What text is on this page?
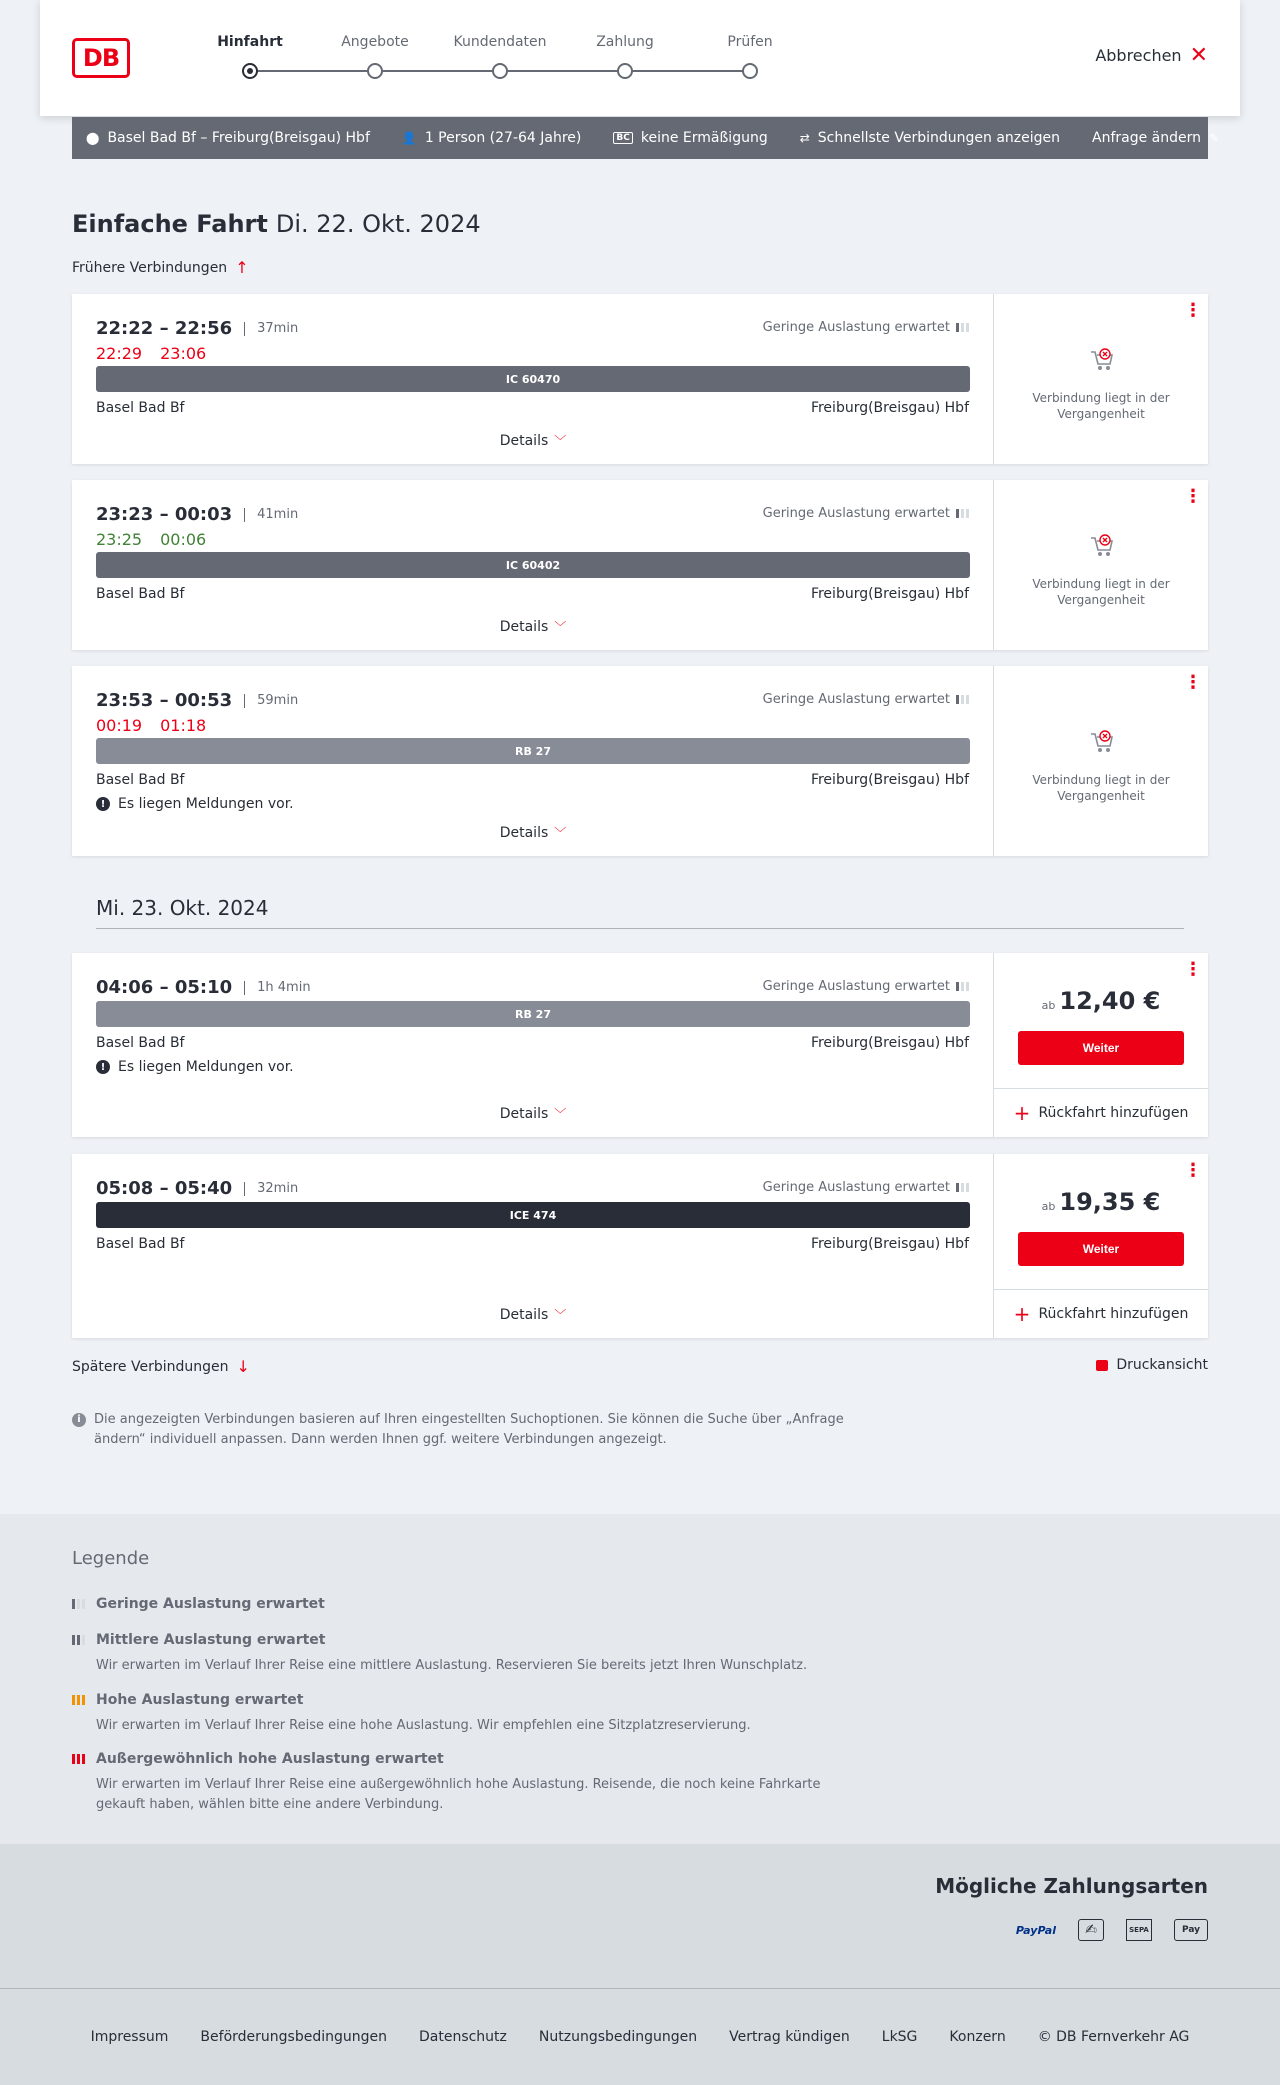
DB
Hinfahrt	Angebote	Kundendaten	Zahlung	Prüfen
Abbrechen ✕
⬤ Basel Bad Bf – Freiburg(Breisgau) Hbf	👤 1 Person (27-64 Jahre)	BC keine Ermäßigung	⇄ Schnellste Verbindungen anzeigen Anfrage ändern ✎
Einfache Fahrt Di. 22. Okt. 2024
Frühere Verbindungen ↑
22:22 – 22:56	37min
22:29 23:06
Geringe Auslastung erwartet
IC 60470
Basel Bad Bf	Freiburg(Breisgau) Hbf
Details ﹀
⋮
Verbindung liegt in der Vergangenheit
23:23 – 00:03	41min
23:25 00:06
Geringe Auslastung erwartet
IC 60402
Basel Bad Bf	Freiburg(Breisgau) Hbf
Details ﹀
⋮
Verbindung liegt in der Vergangenheit
23:53 – 00:53	59min
00:19 01:18
Geringe Auslastung erwartet
RB 27
Basel Bad Bf	Freiburg(Breisgau) Hbf
! Es liegen Meldungen vor.
Details ﹀
⋮
Verbindung liegt in der Vergangenheit
Mi. 23. Okt. 2024
04:06 – 05:10	1h 4min	Geringe Auslastung erwartet
RB 27
Basel Bad Bf	Freiburg(Breisgau) Hbf
! Es liegen Meldungen vor.
Details ﹀
⋮
ab 12,40 €
Weiter
+ Rückfahrt hinzufügen
05:08 – 05:40	32min	Geringe Auslastung erwartet
ICE 474
Basel Bad Bf	Freiburg(Breisgau) Hbf
Details ﹀
⋮
ab 19,35 €
Weiter
+ Rückfahrt hinzufügen
Spätere Verbindungen ↓	Druckansicht
i	Die angezeigten Verbindungen basieren auf Ihren eingestellten Suchoptionen. Sie können die Suche über „Anfrage ändern“ individuell anpassen. Dann werden Ihnen ggf. weitere Verbindungen angezeigt.
Legende
Geringe Auslastung erwartet
Mittlere Auslastung erwartet
Wir erwarten im Verlauf Ihrer Reise eine mittlere Auslastung. Reservieren Sie bereits jetzt Ihren Wunschplatz.
Hohe Auslastung erwartet
Wir erwarten im Verlauf Ihrer Reise eine hohe Auslastung. Wir empfehlen eine Sitzplatzreservierung.
Außergewöhnlich hohe Auslastung erwartet
Wir erwarten im Verlauf Ihrer Reise eine außergewöhnlich hohe Auslastung. Reisende, die noch keine Fahrkarte gekauft haben, wählen bitte eine andere Verbindung.
Mögliche Zahlungsarten
PayPal	✍	SEPA	Pay
Impressum Beförderungsbedingungen Datenschutz Nutzungsbedingungen Vertrag kündigen LkSG Konzern © DB Fernverkehr AG
